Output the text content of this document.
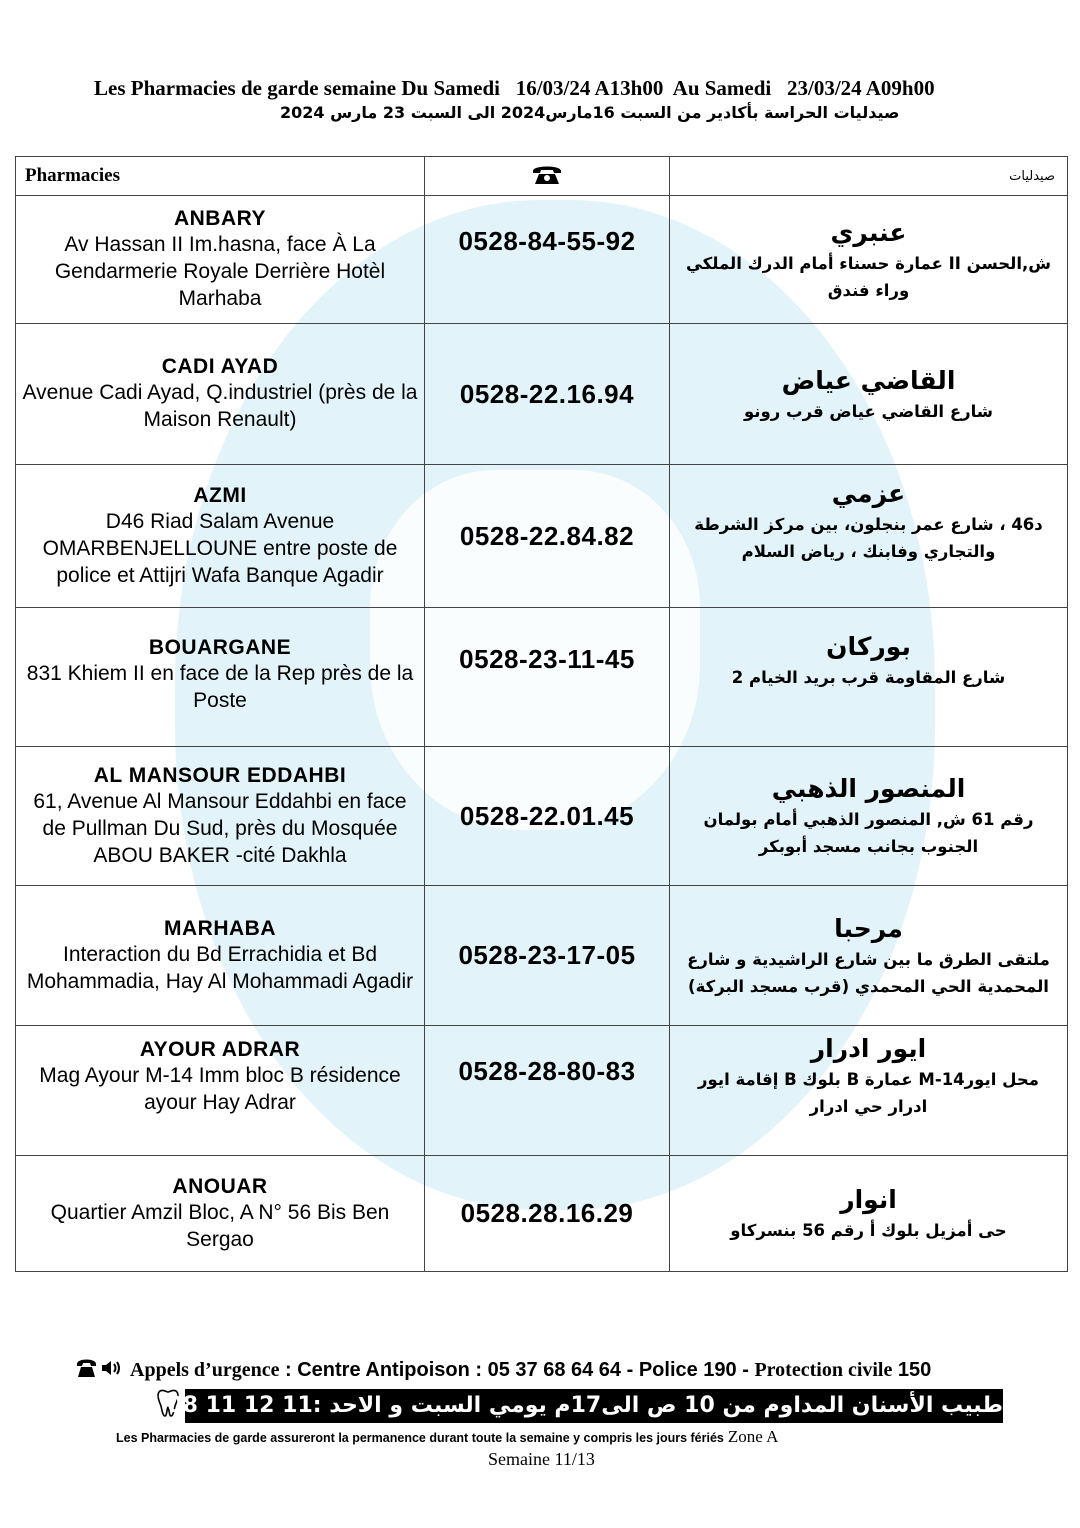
Les Pharmacies de garde semaine Du Samedi   16/03/24 A13h00  Au Samedi   23/03/24 A09h00
صيدليات الحراسة بأكادير من السبت 16مارس2024 الى السبت 23 مارس 2024
Pharmacies		صيدليات

ANBARY
Av Hassan II Im.hasna, face À La Gendarmerie Royale Derrière Hotèl Marhaba	0528-84-55-92	عنبري
ش,الحسن II عمارة حسناء أمام الدرك الملكي وراء فندق

CADI AYAD
Avenue Cadi Ayad, Q.industriel (près de la Maison Renault)	0528-22.16.94	القاضي عياض
شارع القاضي عياض قرب رونو

AZMI
D46 Riad Salam Avenue OMARBENJELLOUNE entre poste de police et Attijri Wafa Banque Agadir	0528-22.84.82	عزمي
د46 ، شارع عمر بنجلون، بين مركز الشرطة والتجاري وفابنك ، رياض السلام

BOUARGANE
831 Khiem II en face de la Rep près de la Poste	0528-23-11-45	بوركان
شارع المقاومة قرب بريد الخيام 2

AL MANSOUR EDDAHBI
61, Avenue Al Mansour Eddahbi en face de Pullman Du Sud, près du Mosquée ABOU BAKER -cité Dakhla	0528-22.01.45	المنصور الذهبي
رقم 61 ش, المنصور الذهبي أمام بولمان الجنوب بجانب مسجد أبوبكر

MARHABA
Interaction du Bd Errachidia et Bd Mohammadia, Hay Al Mohammadi Agadir	0528-23-17-05	مرحبا
ملتقى الطرق ما بين شارع الراشيدية و شارع المحمدية الحي المحمدي (قرب مسجد البركة)

AYOUR ADRAR
Mag Ayour M-14 Imm bloc B résidence ayour Hay Adrar	0528-28-80-83	ايور ادرار
محل ايورM-14 عمارة B بلوك B إقامة ايور ادرار حي ادرار

ANOUAR
Quartier Amzil Bloc, A N° 56 Bis Ben Sergao	0528.28.16.29	انوار
حى أمزيل بلوك أ رقم 56 بنسركاو
Appels d’urgence : Centre Antipoison : 05 37 68 64 64 - Police 190 - Protection civile 150
طبيب الأسنان المداوم من 10 ص الى17م يومي السبت و الاحد :11 12 11 08 06
Les Pharmacies de garde assureront la permanence durant toute la semaine y compris les jours fériés Zone A
Semaine 11/13
